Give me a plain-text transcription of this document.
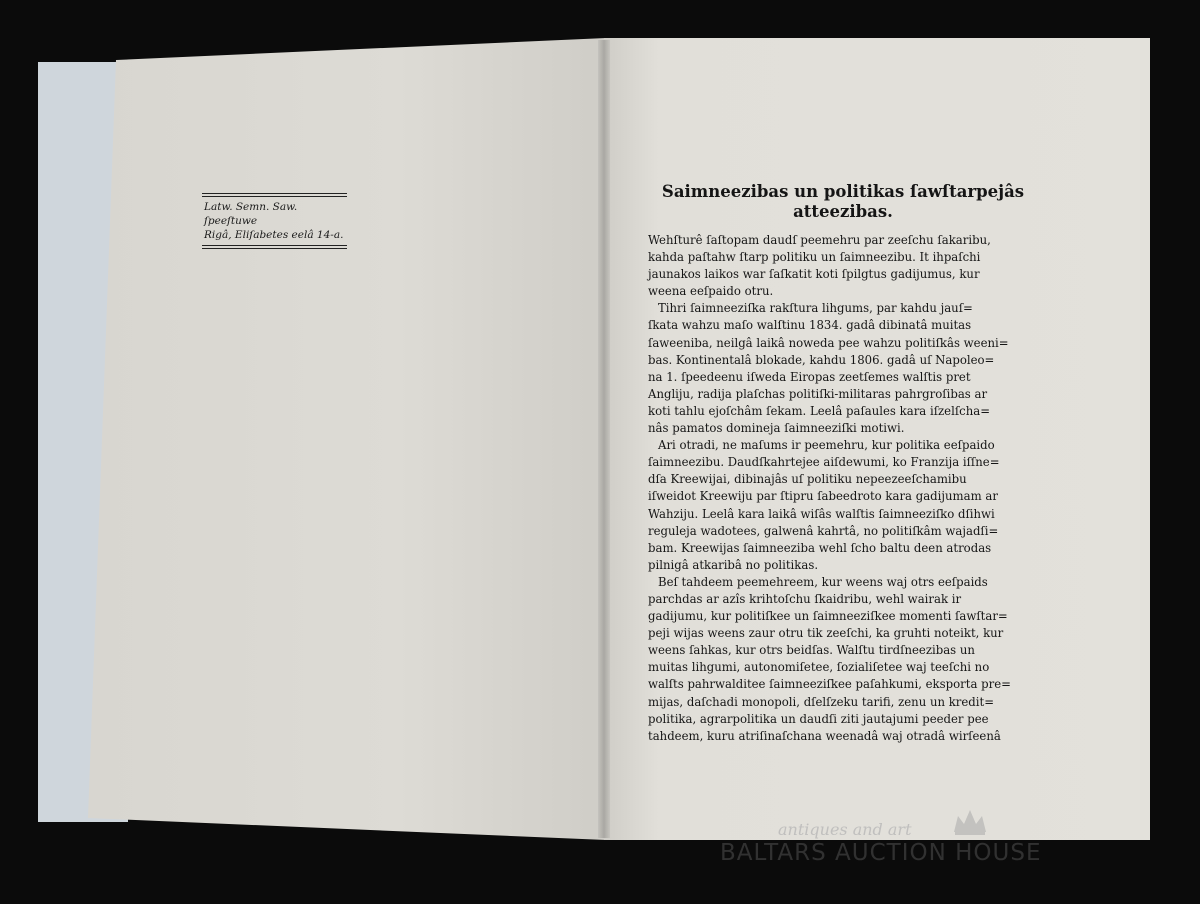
Latw. Semn. Saw. ſpeeſtuwe
Rigâ, Eliſabetes eelâ 14-a.
Saimneezibas un politikas ſawſtarpejâs
atteezibas.

Wehſturê ſaſtopam daudſ peemehru par zeeſchu ſakaribu,

kahda paſtahw ſtarp politiku un ſaimneezibu. It ihpaſchi

jaunakos laikos war ſaſkatit koti ſpilgtus gadijumus, kur

weena eeſpaido otru.

Tihri ſaimneeziſka rakſtura lihgums, par kahdu jauſ=

ſkata wahzu maſo walſtinu 1834. gadâ dibinatâ muitas

ſaweeniba, neilgâ laikâ noweda pee wahzu politiſkâs weeni=

bas. Kontinentalâ blokade, kahdu 1806. gadâ uſ Napoleo=

na 1. ſpeedeenu iſweda Eiropas zeetſemes walſtis pret

Angliju, radija plaſchas politiſki-militaras pahrgroſibas ar

koti tahlu ejoſchâm ſekam. Leelâ paſaules kara iſzelſcha=

nâs pamatos domineja ſaimneeziſki motiwi.

Ari otradi, ne maſums ir peemehru, kur politika eeſpaido

ſaimneezibu. Daudſkahrtejee aiſdewumi, ko Franzija iſſne=

dſa Kreewijai, dibinajâs uſ politiku nepeezeeſchamibu

iſweidot Kreewiju par ſtipru ſabeedroto kara gadijumam ar

Wahziju. Leelâ kara laikâ wiſâs walſtis ſaimneeziſko dſihwi

reguleja wadotees, galwenâ kahrtâ, no politiſkâm wajadſi=

bam. Kreewijas ſaimneeziba wehl ſcho baltu deen atrodas

pilnigâ atkaribâ no politikas.

Beſ tahdeem peemehreem, kur weens waj otrs eeſpaids

parchdas ar azîs krihtoſchu ſkaidribu, wehl wairak ir

gadijumu, kur politiſkee un ſaimneeziſkee momenti ſawſtar=

peji wijas weens zaur otru tik zeeſchi, ka gruhti noteikt, kur

weens ſahkas, kur otrs beidſas. Walſtu tirdſneezibas un

muitas lihgumi, autonomiſetee, ſozialiſetee waj teeſchi no

walſts pahrwalditee ſaimneeziſkee paſahkumi, eksporta pre=

mijas, daſchadi monopoli, dſelſzeku tarifi, zenu un kredit=

politika, agrarpolitika un daudſi ziti jautajumi peeder pee

tahdeem, kuru atriſinaſchana weenadâ waj otradâ wirſeenâ

antiques and art
BALTARS AUCTION HOUSE
